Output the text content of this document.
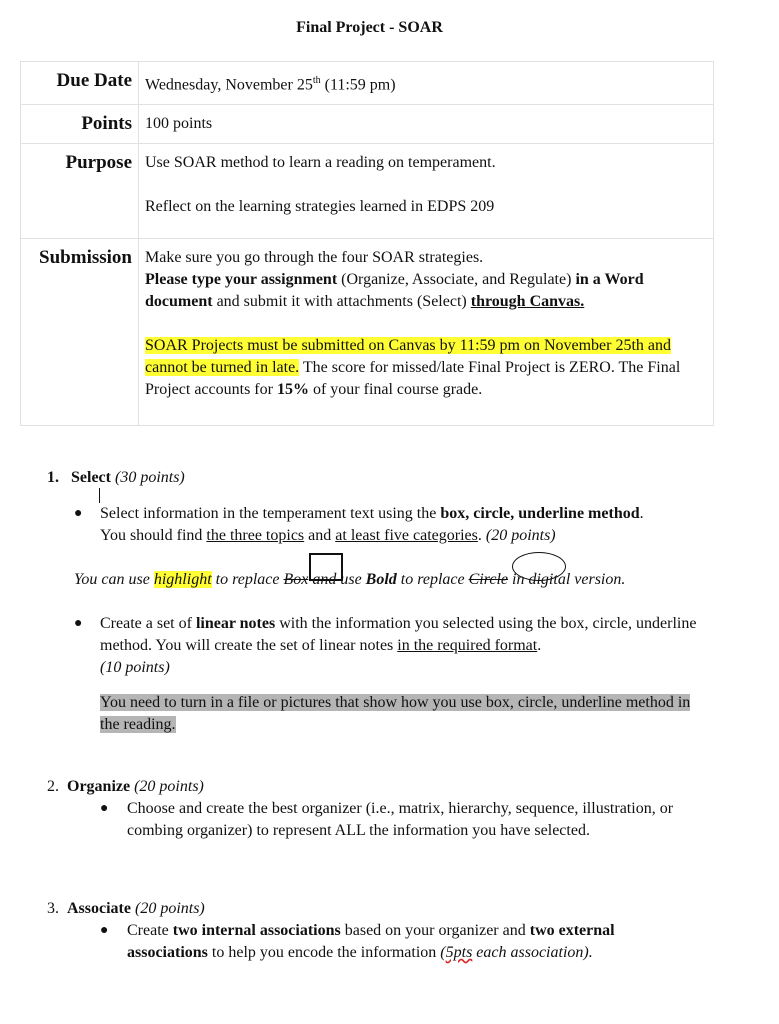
Final Project - SOAR
Due Date	Wednesday, November 25th (11:59 pm)
Points	100 points
Purpose	Use SOAR method to learn a reading on temperament.
Reflect on the learning strategies learned in EDPS 209

Submission	Make sure you go through the four SOAR strategies.
Please type your assignment (Organize, Associate, and Regulate) in a Word document and submit it with attachments (Select) through Canvas.
SOAR Projects must be submitted on Canvas by 11:59 pm on November 25th and cannot be turned in late. The score for missed/late Final Project is ZERO. The Final Project accounts for 15% of your final course grade.
1. Select (30 points)
● Select information in the temperament text using the box, circle, underline method.
You should find the three topics and at least five categories. (20 points)
You can use highlight to replace Box and use Bold to replace Circle in digital version.
● Create a set of linear notes with the information you selected using the box, circle, underline method. You will create the set of linear notes in the required format.
(10 points)
You need to turn in a file or pictures that show how you use box, circle, underline method in the reading.
2. Organize (20 points)
● Choose and create the best organizer (i.e., matrix, hierarchy, sequence, illustration, or combing organizer) to represent ALL the information you have selected.
3. Associate (20 points)
● Create two internal associations based on your organizer and two external associations to help you encode the information (5pts each association).
